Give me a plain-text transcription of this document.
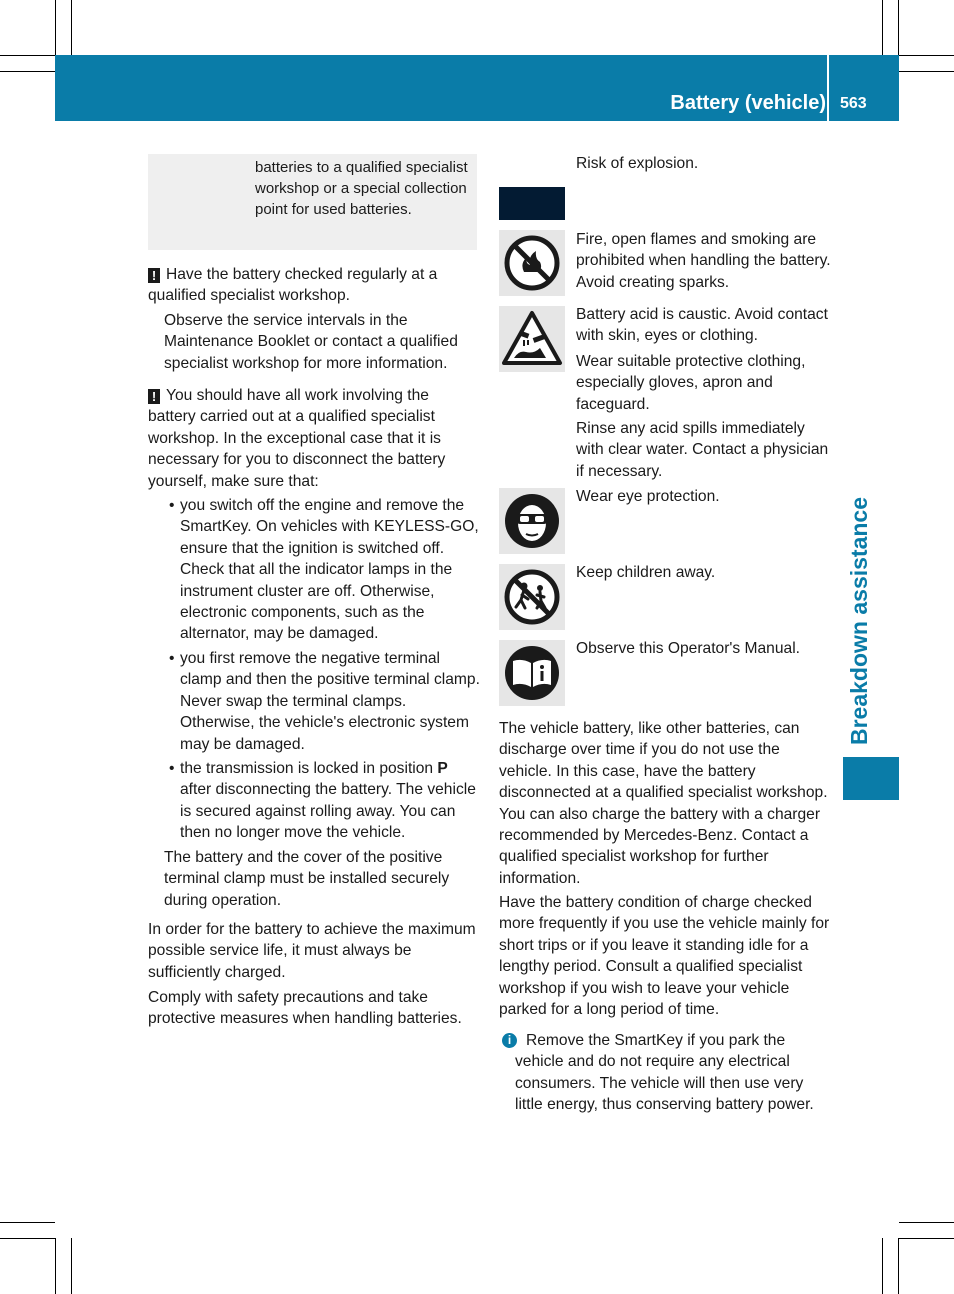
Battery (vehicle) 563
Breakdown assistance

batteries to a qualified specialist workshop or a special collection point for used batteries.

! Have the battery checked regularly at a qualified specialist workshop.

Observe the service intervals in the Maintenance Booklet or contact a qualified specialist workshop for more information.

! You should have all work involving the battery carried out at a qualified specialist workshop. In the exceptional case that it is necessary for you to disconnect the battery yourself, make sure that:

• you switch off the engine and remove the SmartKey. On vehicles with KEYLESS-GO, ensure that the ignition is switched off. Check that all the indicator lamps in the instrument cluster are off. Otherwise, electronic components, such as the alternator, may be damaged.

• you first remove the negative terminal clamp and then the positive terminal clamp. Never swap the terminal clamps. Otherwise, the vehicle's electronic system may be damaged.

• the transmission is locked in position P after disconnecting the battery. The vehicle is secured against rolling away. You can then no longer move the vehicle.

The battery and the cover of the positive terminal clamp must be installed securely during operation.

In order for the battery to achieve the maximum possible service life, it must always be sufficiently charged.

Comply with safety precautions and take protective measures when handling batteries.

Risk of explosion.

Fire, open flames and smoking are prohibited when handling the battery. Avoid creating sparks.

Battery acid is caustic. Avoid contact with skin, eyes or clothing.

Wear suitable protective clothing, especially gloves, apron and faceguard.

Rinse any acid spills immediately with clear water. Contact a physician if necessary.

Wear eye protection.

Keep children away.

Observe this Operator's Manual.

The vehicle battery, like other batteries, can discharge over time if you do not use the vehicle. In this case, have the battery disconnected at a qualified specialist workshop. You can also charge the battery with a charger recommended by Mercedes-Benz. Contact a qualified specialist workshop for further information.

Have the battery condition of charge checked more frequently if you use the vehicle mainly for short trips or if you leave it standing idle for a lengthy period. Consult a qualified specialist workshop if you wish to leave your vehicle parked for a long period of time.

i Remove the SmartKey if you park the vehicle and do not require any electrical consumers. The vehicle will then use very little energy, thus conserving battery power.
